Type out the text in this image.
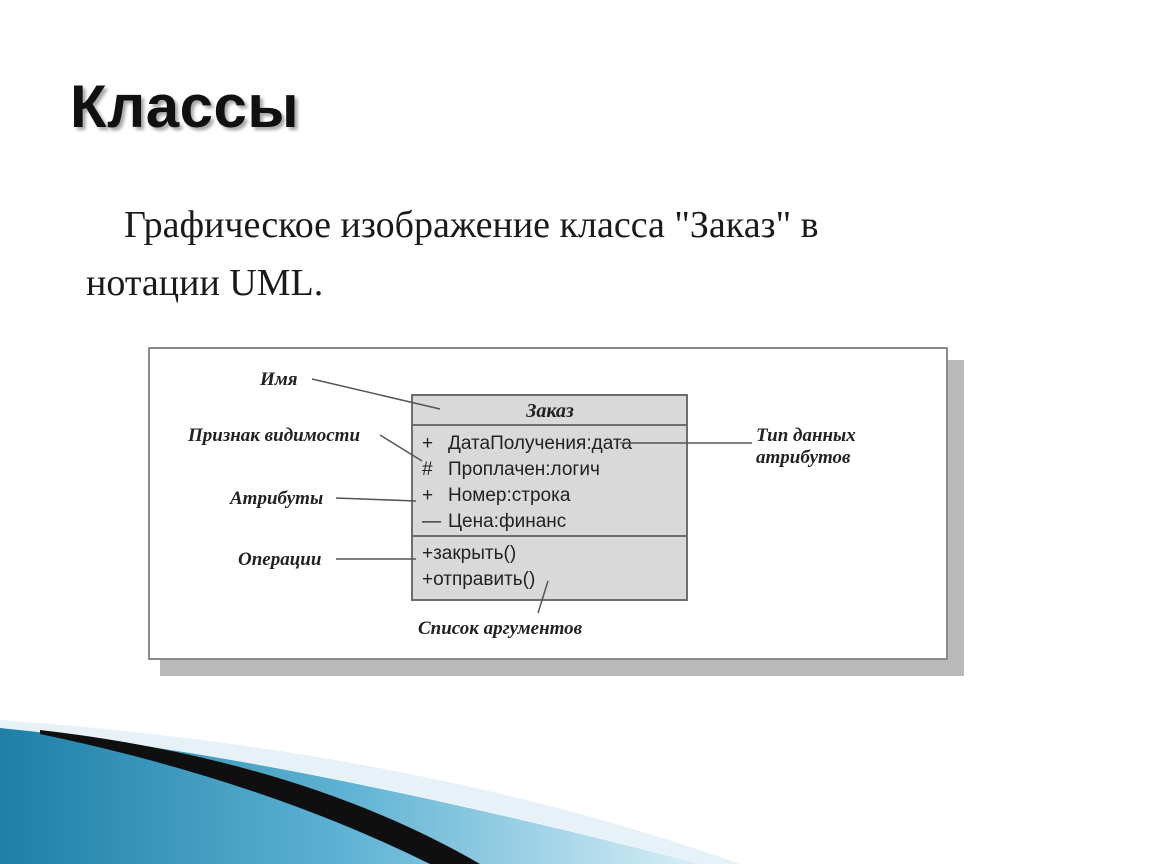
Классы
Графическое изображение класса "Заказ" в
нотации UML.
Заказ
+ ДатаПолучения:дата
# Проплачен:логич
+ Номер:строка
— Цена:финанс
+закрыть()
+отправить()
Имя
Признак видимости
Атрибуты
Операции
Тип данных
атрибутов
Список аргументов
